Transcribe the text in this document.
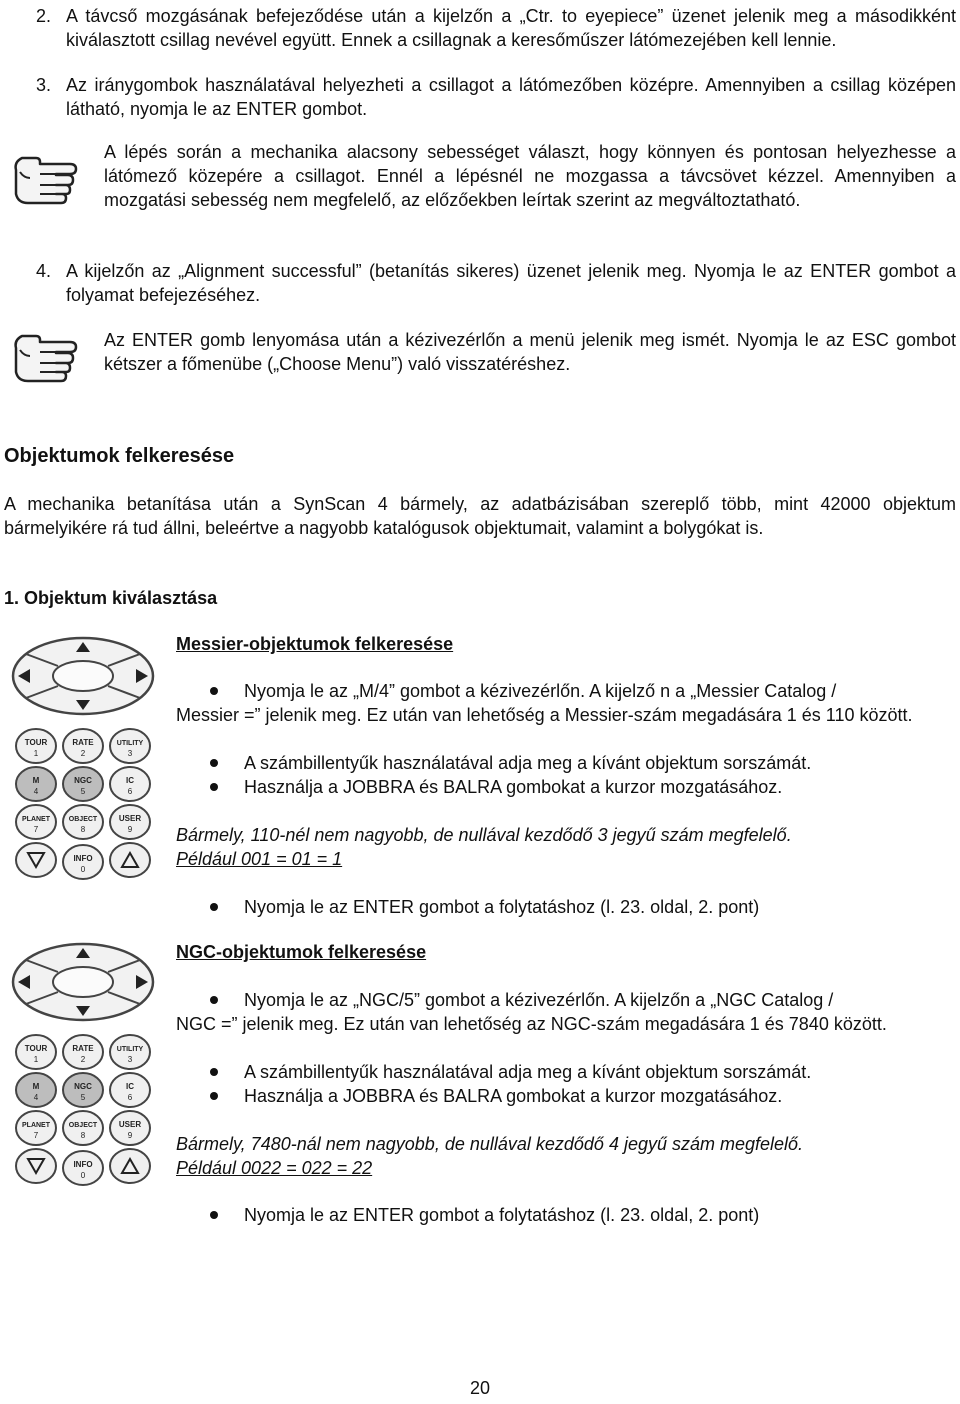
2. A távcső mozgásának befejeződése után a kijelzőn a „Ctr. to eyepiece” üzenet jelenik meg a másodikként kiválasztott csillag nevével együtt. Ennek a csillagnak a keresőműszer látómezejében kell lennie.

3. Az iránygombok használatával helyezheti a csillagot a látómezőben középre. Amennyiben a csillag középen látható, nyomja le az ENTER gombot.

A lépés során a mechanika alacsony sebességet választ, hogy könnyen és pontosan helyezhesse a látómező közepére a csillagot. Ennél a lépésnél ne mozgassa a távcsövet kézzel. Amennyiben a mozgatási sebesség nem megfelelő, az előzőekben leírtak szerint az megváltoztatható.

4. A kijelzőn az „Alignment successful” (betanítás sikeres) üzenet jelenik meg. Nyomja le az ENTER gombot a folyamat befejezéséhez.

Az ENTER gomb lenyomása után a kézivezérlőn a menü jelenik meg ismét. Nyomja le az ESC gombot kétszer a főmenübe („Choose Menu”) való visszatéréshez.

Objektumok felkeresése

A mechanika betanítása után a SynScan 4 bármely, az adatbázisában szereplő több, mint 42000 objektum bármelyikére rá tud állni, beleértve a nagyobb katalógusok objektumait, valamint a bolygókat is.

1. Objektum kiválasztása

TOUR
1
RATE
2
UTILITY
3
M
4
NGC
5
IC
6
PLANET
7
OBJECT
8
USER
9
INFO
0

Messier-objektumok felkeresése

Nyomja le az „M/4” gombot a kézivezérlőn. A kijelző n a „Messier Catalog /

Messier =” jelenik meg. Ez után van lehetőség a Messier-szám megadására 1 és 110 között.

A számbillentyűk használatával adja meg a kívánt objektum sorszámát.

Használja a JOBBRA és BALRA gombokat a kurzor mozgatásához.

Bármely, 110-nél nem nagyobb, de nullával kezdődő 3 jegyű szám megfelelő.

Például 001 = 01 = 1

Nyomja le az ENTER gombot a folytatáshoz (l. 23. oldal, 2. pont)

TOUR
1
RATE
2
UTILITY
3
M
4
NGC
5
IC
6
PLANET
7
OBJECT
8
USER
9
INFO
0

NGC-objektumok felkeresése

Nyomja le az „NGC/5” gombot a kézivezérlőn. A kijelzőn a „NGC Catalog /

NGC =” jelenik meg. Ez után van lehetőség az NGC-szám megadására 1 és 7840 között.

A számbillentyűk használatával adja meg a kívánt objektum sorszámát.

Használja a JOBBRA és BALRA gombokat a kurzor mozgatásához.

Bármely, 7480-nál nem nagyobb, de nullával kezdődő 4 jegyű szám megfelelő.

Például 0022 = 022 = 22

Nyomja le az ENTER gombot a folytatáshoz (l. 23. oldal, 2. pont)

20
